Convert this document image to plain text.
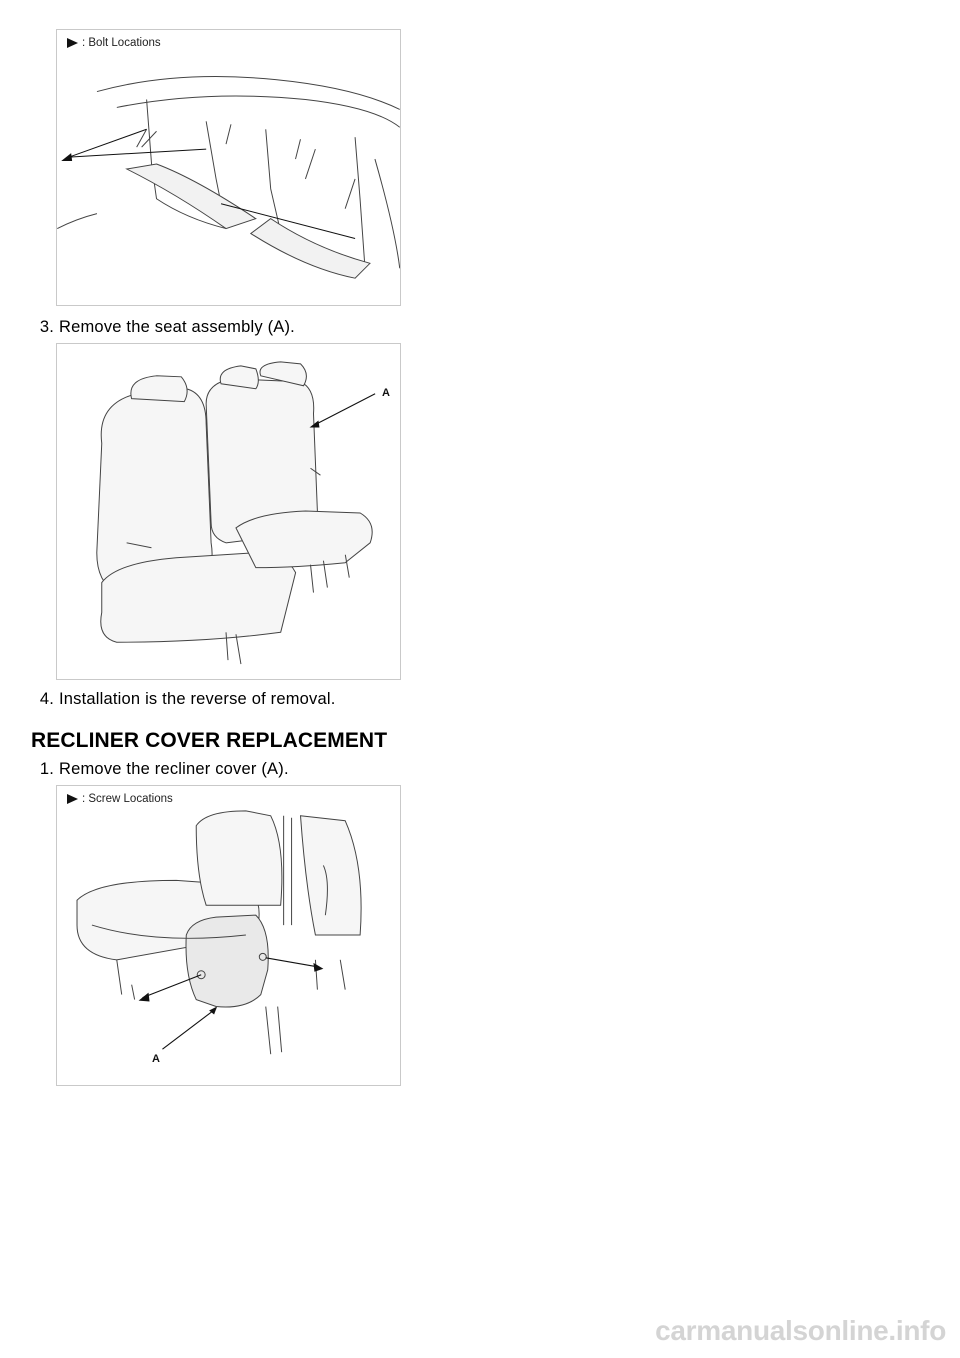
: Bolt Locations
3. Remove the seat assembly (A).
A
4. Installation is the reverse of removal.
RECLINER COVER REPLACEMENT
1. Remove the recliner cover (A).
: Screw Locations
A
carmanualsonline.info
